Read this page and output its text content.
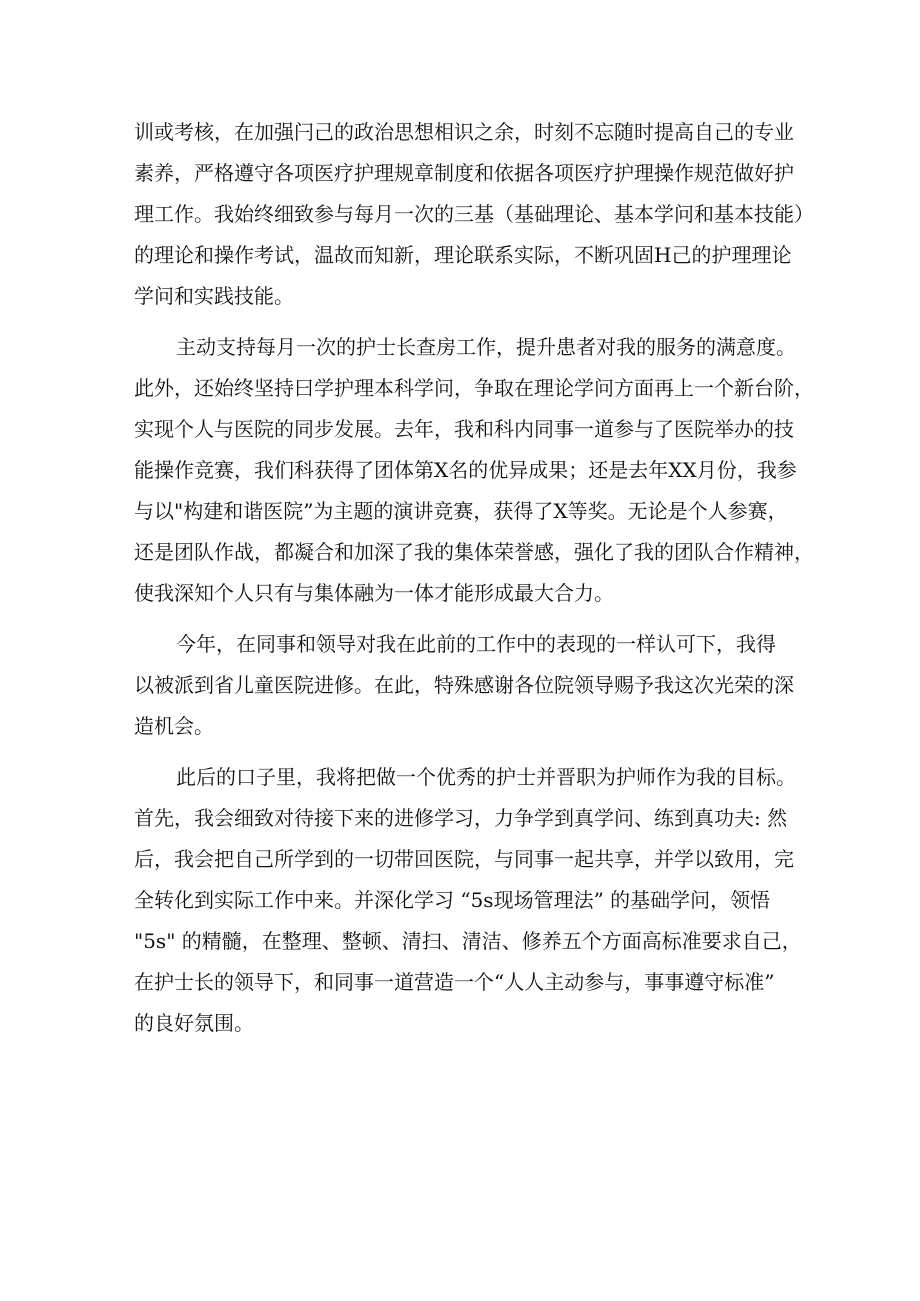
训或考核，在加强闩己的政治思想相识之余，时刻不忘随时提高自己的专业
素养，严格遵守各项医疗护理规章制度和依据各项医疗护理操作规范做好护
理工作。我始终细致参与每月一次的三基（基础理论、基本学问和基本技能）
的理论和操作考试，温故而知新，理论联系实际，不断巩固H己的护理理论
学问和实践技能。
主动支持每月一次的护士长查房工作，提升患者对我的服务的满意度。
此外，还始终坚持曰学护理本科学问，争取在理论学问方面再上一个新台阶，
实现个人与医院的同步发展。去年，我和科内同事一道参与了医院举办的技
能操作竞赛，我们科获得了团体第X名的优异成果；还是去年XX月份，我参
与以"构建和谐医院”为主题的演讲竞赛，获得了X等奖。无论是个人参赛，
还是团队作战，都凝合和加深了我的集体荣誉感，强化了我的团队合作精神，
使我深知个人只有与集体融为一体才能形成最大合力。
今年，在同事和领导对我在此前的工作中的表现的一样认可下，我得
以被派到省儿童医院进修。在此，特殊感谢各位院领导赐予我这次光荣的深
造机会。
此后的口子里，我将把做一个优秀的护士并晋职为护师作为我的目标。
首先，我会细致对待接下来的进修学习，力争学到真学问、练到真功夫: 然
后，我会把自己所学到的一切带回医院，与同事一起共享，并学以致用，完
全转化到实际工作中来。并深化学习 “5s现场管理法” 的基础学问，领悟
"5s" 的精髓，在整理、整顿、清扫、清洁、修养五个方面高标准要求自己，
在护士长的领导下，和同事一道营造一个“人人主动参与，事事遵守标准”
的良好氛围。
